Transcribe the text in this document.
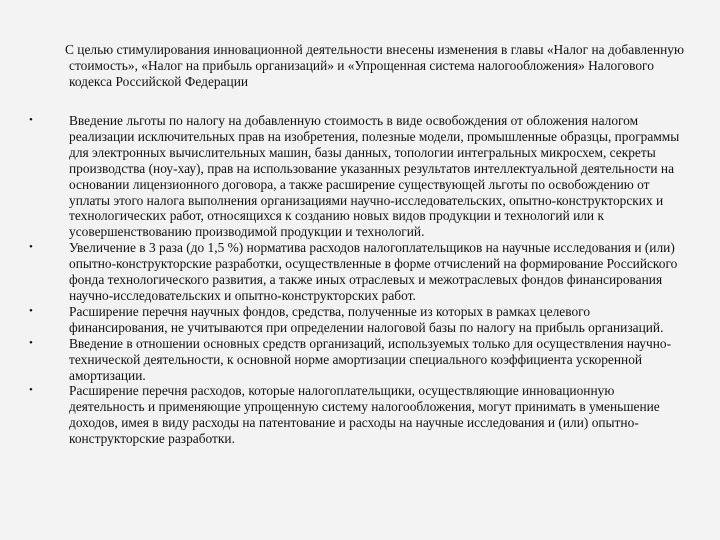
С целью стимулирования инновационной деятельности внесены изменения в главы «Налог на добавленную стоимость», «Налог на прибыль организаций» и «Упрощенная система налогообложения» Налогового кодекса Российской Федерации

•	Введение льготы по налогу на добавленную стоимость в виде освобождения от обложения налогом реализации исключительных прав на изобретения, полезные модели, промышленные образцы, программы для электронных вычислительных машин, базы данных, топологии интегральных микросхем, секреты производства (ноу-хау), прав на использование указанных результатов интеллектуальной деятельности на основании лицензионного договора, а также расширение существующей льготы по освобождению от уплаты этого налога выполнения организациями научно-исследовательских, опытно-конструкторских и технологических работ, относящихся к созданию новых видов продукции и технологий или к усовершенствованию производимой продукции и технологий.
•	Увеличение в 3 раза (до 1,5 %) норматива расходов налогоплательщиков на научные исследования и (или) опытно-конструкторские разработки, осуществленные в форме отчислений на формирование Российского фонда технологического развития, а также иных отраслевых и межотраслевых фондов финансирования научно-исследовательских и опытно-конструкторских работ.
•	Расширение перечня научных фондов, средства, полученные из которых в рамках целевого финансирования, не учитываются при определении налоговой базы по налогу на прибыль организаций.
•	Введение в отношении основных средств организаций, используемых только для осуществления научно-технической деятельности, к основной норме амортизации специального коэффициента ускоренной амортизации.
•	Расширение перечня расходов, которые налогоплательщики, осуществляющие инновационную деятельность и применяющие упрощенную систему налогообложения, могут принимать в уменьшение доходов, имея в виду расходы на патентование и расходы на научные исследования и (или) опытно-конструкторские разработки.
